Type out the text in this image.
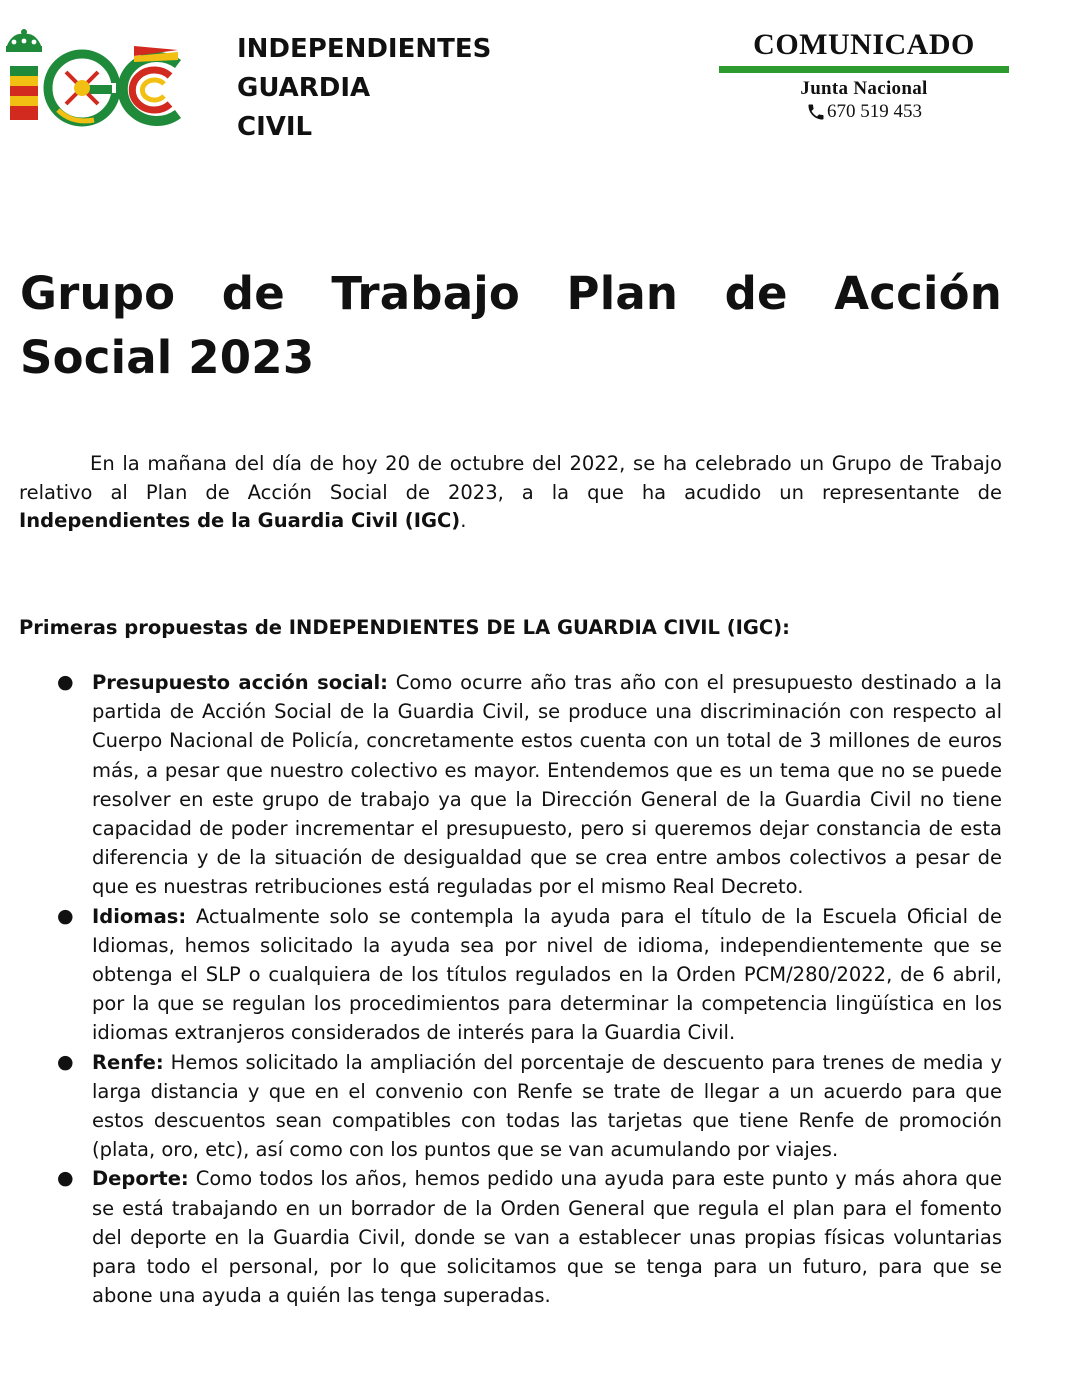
INDEPENDIENTES
GUARDIA
CIVIL
COMUNICADO
Junta Nacional
670 519 453
Grupo de Trabajo Plan de Acción Social 2023

En la mañana del día de hoy 20 de octubre del 2022, se ha celebrado un Grupo de Trabajo relativo al Plan de Acción Social de 2023, a la que ha acudido un representante de Independientes de la Guardia Civil (IGC).

Primeras propuestas de INDEPENDIENTES DE LA GUARDIA CIVIL (IGC):
● Presupuesto acción social: Como ocurre año tras año con el presupuesto destinado a la partida de Acción Social de la Guardia Civil, se produce una discriminación con respecto al Cuerpo Nacional de Policía, concretamente estos cuenta con un total de 3 millones de euros más, a pesar que nuestro colectivo es mayor. Entendemos que es un tema que no se puede resolver en este grupo de trabajo ya que la Dirección General de la Guardia Civil no tiene capacidad de poder incrementar el presupuesto, pero si queremos dejar constancia de esta diferencia y de la situación de desigualdad que se crea entre ambos colectivos a pesar de que es nuestras retribuciones está reguladas por el mismo Real Decreto.
● Idiomas: Actualmente solo se contempla la ayuda para el título de la Escuela Oficial de Idiomas, hemos solicitado la ayuda sea por nivel de idioma, independientemente que se obtenga el SLP o cualquiera de los títulos regulados en la Orden PCM/280/2022, de 6 abril, por la que se regulan los procedimientos para determinar la competencia lingüística en los idiomas extranjeros considerados de interés para la Guardia Civil.
● Renfe: Hemos solicitado la ampliación del porcentaje de descuento para trenes de media y larga distancia y que en el convenio con Renfe se trate de llegar a un acuerdo para que estos descuentos sean compatibles con todas las tarjetas que tiene Renfe de promoción (plata, oro, etc), así como con los puntos que se van acumulando por viajes.
● Deporte: Como todos los años, hemos pedido una ayuda para este punto y más ahora que se está trabajando en un borrador de la Orden General que regula el plan para el fomento del deporte en la Guardia Civil, donde se van a establecer unas propias físicas voluntarias para todo el personal, por lo que solicitamos que se tenga para un futuro, para que se abone una ayuda a quién las tenga superadas.
